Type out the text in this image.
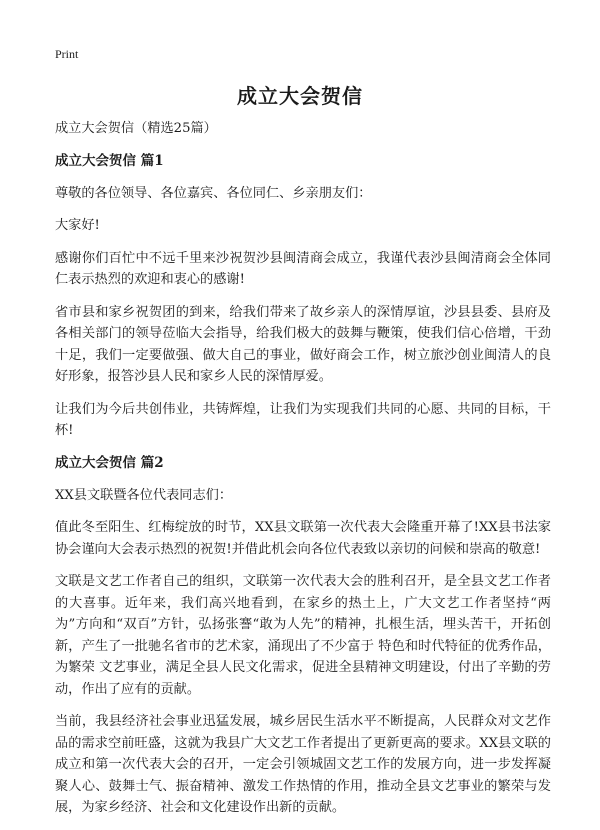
Print
成立大会贺信

成立大会贺信（精选25篇）

成立大会贺信 篇1

尊敬的各位领导、各位嘉宾、各位同仁、乡亲朋友们：

大家好!

感谢你们百忙中不远千里来沙祝贺沙县闽清商会成立，我谨代表沙县闽清商会全体同仁表示热烈的欢迎和衷心的感谢!

省市县和家乡祝贺团的到来，给我们带来了故乡亲人的深情厚谊，沙县县委、县府及各相关部门的领导莅临大会指导，给我们极大的鼓舞与鞭策，使我们信心倍增，干劲十足，我们一定要做强、做大自己的事业，做好商会工作，树立旅沙创业闽清人的良好形象，报答沙县人民和家乡人民的深情厚爱。

让我们为今后共创伟业，共铸辉煌，让我们为实现我们共同的心愿、共同的目标，干杯!

成立大会贺信 篇2

XX县文联暨各位代表同志们：

值此冬至阳生、红梅绽放的时节，XX县文联第一次代表大会隆重开幕了!XX县书法家协会谨向大会表示热烈的祝贺!并借此机会向各位代表致以亲切的问候和崇高的敬意!

文联是文艺工作者自己的组织，文联第一次代表大会的胜利召开，是全县文艺工作者的大喜事。近年来，我们高兴地看到，在家乡的热土上，广大文艺工作者坚持“两为”方向和“双百”方针，弘扬张謇“敢为人先”的精神，扎根生活，埋头苦干，开拓创新，产生了一批驰名省市的艺术家，涌现出了不少富于 特色和时代特征的优秀作品，为繁荣 文艺事业，满足全县人民文化需求，促进全县精神文明建设，付出了辛勤的劳动，作出了应有的贡献。

当前，我县经济社会事业迅猛发展，城乡居民生活水平不断提高，人民群众对文艺作品的需求空前旺盛，这就为我县广大文艺工作者提出了更新更高的要求。XX县文联的成立和第一次代表大会的召开，一定会引领城固文艺工作的发展方向，进一步发挥凝聚人心、鼓舞士气、振奋精神、激发工作热情的作用，推动全县文艺事业的繁荣与发展，为家乡经济、社会和文化建设作出新的贡献。
